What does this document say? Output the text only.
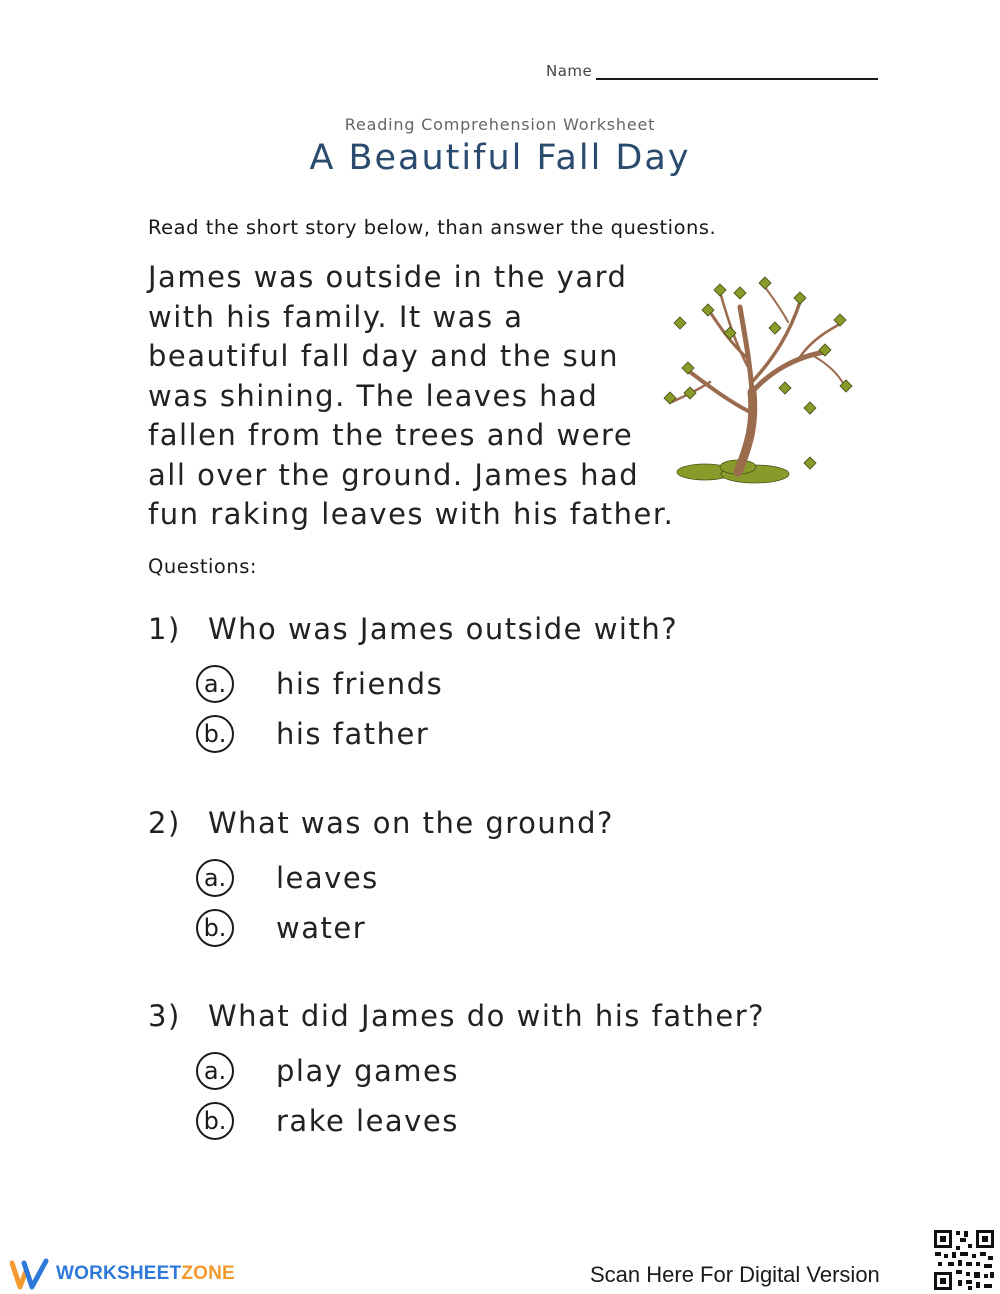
Name
Reading Comprehension Worksheet
A Beautiful Fall Day
Read the short story below, than answer the questions.
James was outside in the yard
with his family. It was a
beautiful fall day and the sun
was shining. The leaves had
fallen from the trees and were
all over the ground. James had
fun raking leaves with his father.
Questions:
1) Who was James outside with?
a. his friends
b. his father
2) What was on the ground?
a. leaves
b. water
3) What did James do with his father?
a. play games
b. rake leaves
WORKSHEETZONE	Scan Here For Digital Version
